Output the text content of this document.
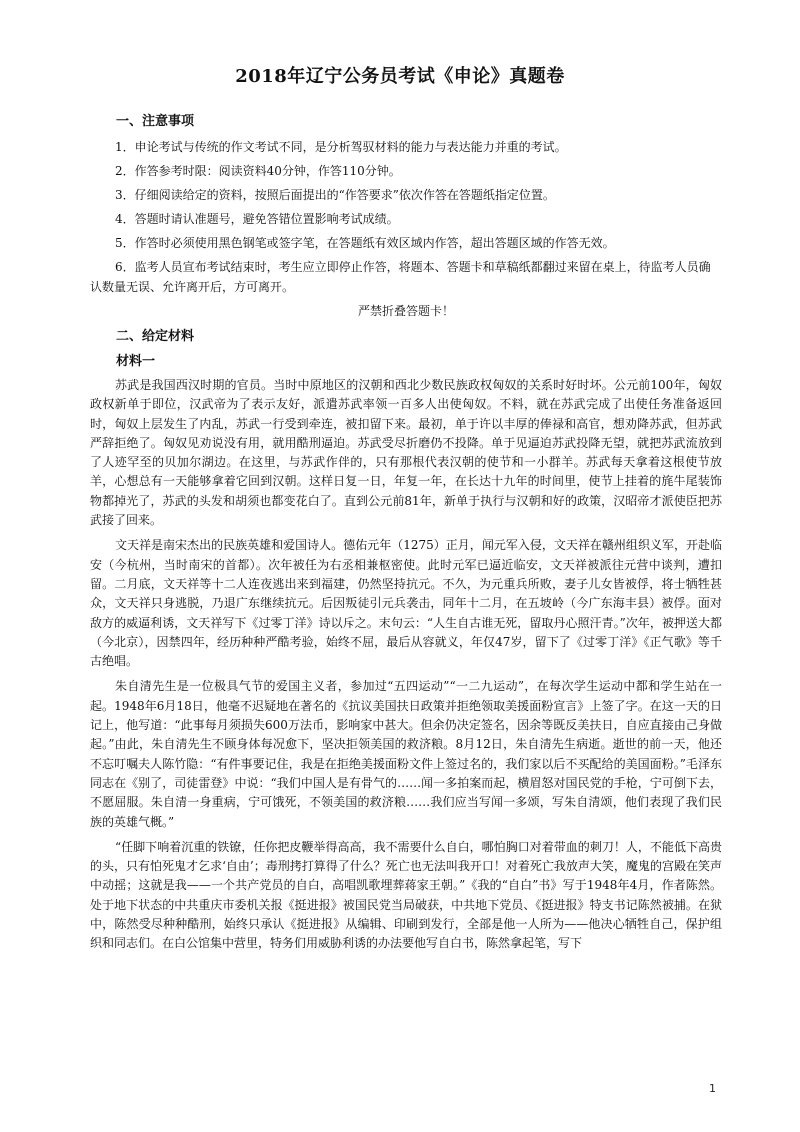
2018年辽宁公务员考试《申论》真题卷
一、注意事项

1．申论考试与传统的作文考试不同，是分析驾驭材料的能力与表达能力并重的考试。

2．作答参考时限：阅读资料40分钟，作答110分钟。

3．仔细阅读给定的资料，按照后面提出的“作答要求”依次作答在答题纸指定位置。

4．答题时请认准题号，避免答错位置影响考试成绩。

5．作答时必须使用黑色钢笔或签字笔，在答题纸有效区域内作答，超出答题区域的作答无效。

6．监考人员宣布考试结束时，考生应立即停止作答，将题本、答题卡和草稿纸都翻过来留在桌上，待监考人员确认数量无误、允许离开后，方可离开。

严禁折叠答题卡！

二、给定材料
材料一

苏武是我国西汉时期的官员。当时中原地区的汉朝和西北少数民族政权匈奴的关系时好时坏。公元前100年，匈奴政权新单于即位，汉武帝为了表示友好，派遣苏武率领一百多人出使匈奴。不料，就在苏武完成了出使任务准备返回时，匈奴上层发生了内乱，苏武一行受到牵连，被扣留下来。最初，单于许以丰厚的俸禄和高官，想劝降苏武，但苏武严辞拒绝了。匈奴见劝说没有用，就用酷刑逼迫。苏武受尽折磨仍不投降。单于见逼迫苏武投降无望，就把苏武流放到了人迹罕至的贝加尔湖边。在这里，与苏武作伴的，只有那根代表汉朝的使节和一小群羊。苏武每天拿着这根使节放羊，心想总有一天能够拿着它回到汉朝。这样日复一日，年复一年，在长达十九年的时间里，使节上挂着的旄牛尾装饰物都掉光了，苏武的头发和胡须也都变花白了。直到公元前81年，新单于执行与汉朝和好的政策，汉昭帝才派使臣把苏武接了回来。

文天祥是南宋杰出的民族英雄和爱国诗人。德佑元年（1275）正月，闻元军入侵，文天祥在赣州组织义军，开赴临安（今杭州，当时南宋的首都）。次年被任为右丞相兼枢密使。此时元军已逼近临安，文天祥被派往元营中谈判，遭扣留。二月底，文天祥等十二人连夜逃出来到福建，仍然坚持抗元。不久，为元重兵所败，妻子儿女皆被俘，将士牺牲甚众，文天祥只身逃脱，乃退广东继续抗元。后因叛徒引元兵袭击，同年十二月，在五坡岭（今广东海丰县）被俘。面对敌方的威逼利诱，文天祥写下《过零丁洋》诗以斥之。末句云：“人生自古谁无死，留取丹心照汗青。”次年，被押送大都（今北京），因禁四年，经历种种严酷考验，始终不屈，最后从容就义，年仅47岁，留下了《过零丁洋》《正气歌》等千古绝唱。

朱自清先生是一位极具气节的爱国主义者，参加过“五四运动”“一二九运动”，在每次学生运动中都和学生站在一起。1948年6月18日，他毫不迟疑地在著名的《抗议美国扶日政策并拒绝领取美援面粉宣言》上签了字。在这一天的日记上，他写道：“此事每月须损失600万法币，影响家中甚大。但余仍决定签名，因余等既反美扶日，自应直接由己身做起。”由此，朱自清先生不顾身体每况愈下，坚决拒领美国的救济粮。8月12日，朱自清先生病逝。逝世的前一天，他还不忘叮嘱夫人陈竹隐：“有件事要记住，我是在拒绝美援面粉文件上签过名的，我们家以后不买配给的美国面粉。”毛泽东同志在《别了，司徒雷登》中说：“我们中国人是有骨气的……闻一多拍案而起，横眉怒对国民党的手枪，宁可倒下去，不愿屈服。朱自清一身重病，宁可饿死，不领美国的救济粮……我们应当写闻一多颂，写朱自清颂，他们表现了我们民族的英雄气概。”

“任脚下响着沉重的铁镣，任你把皮鞭举得高高，我不需要什么自白，哪怕胸口对着带血的刺刀！人，不能低下高贵的头，只有怕死鬼才乞求‘自由’；毒刑拷打算得了什么？死亡也无法叫我开口！对着死亡我放声大笑，魔鬼的宫殿在笑声中动摇；这就是我——一个共产党员的自白，高唱凯歌埋葬蒋家王朝。”《我的“自白”书》写于1948年4月，作者陈然。处于地下状态的中共重庆市委机关报《挺进报》被国民党当局破获，中共地下党员、《挺进报》特支书记陈然被捕。在狱中，陈然受尽种种酷刑，始终只承认《挺进报》从编辑、印刷到发行，全部是他一人所为——他决心牺牲自己，保护组织和同志们。在白公馆集中营里，特务们用威胁利诱的办法要他写自白书，陈然拿起笔，写下

1
